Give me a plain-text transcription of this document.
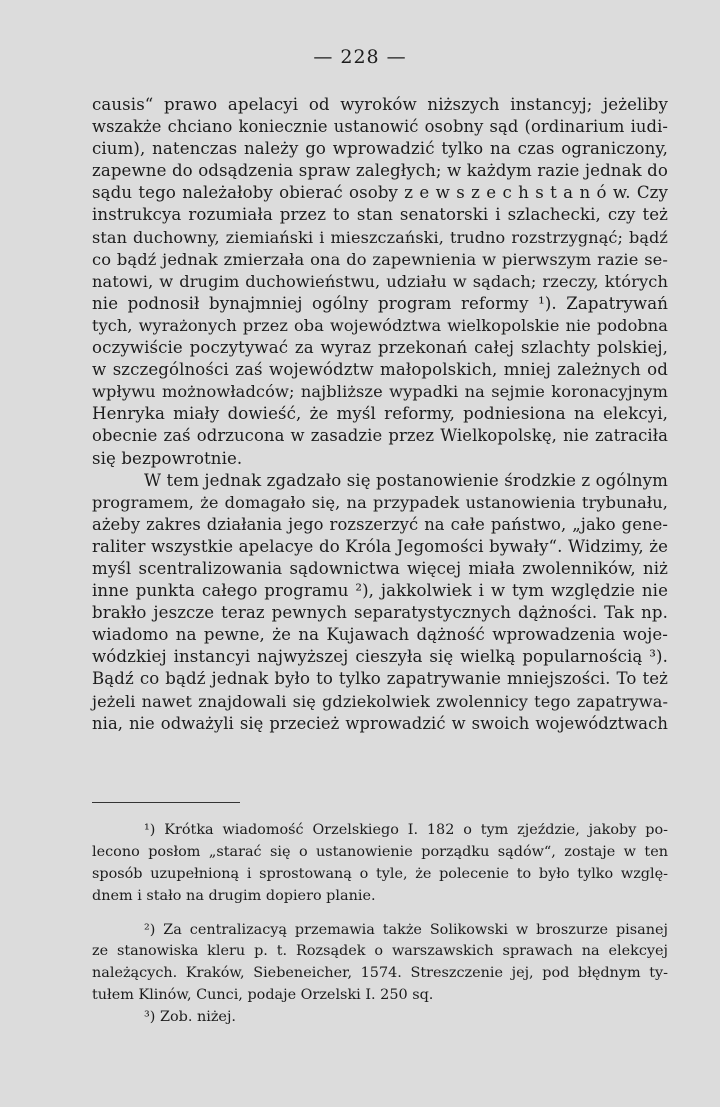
— 228 —
causis“ prawo apelacyi od wyroków niższych instancyj; jeżeliby
wszakże chciano koniecznie ustanowić osobny sąd (ordinarium iudi-
cium), natenczas należy go wprowadzić tylko na czas ograniczony,
zapewne do odsądzenia spraw zaległych; w każdym razie jednak do
sądu tego należałoby obierać osoby z e w s z e c h s t a n ó w. Czy
instrukcya rozumiała przez to stan senatorski i szlachecki, czy też
stan duchowny, ziemiański i mieszczański, trudno rozstrzygnąć; bądź
co bądź jednak zmierzała ona do zapewnienia w pierwszym razie se-
natowi, w drugim duchowieństwu, udziału w sądach; rzeczy, których
nie podnosił bynajmniej ogólny program reformy ¹). Zapatrywań
tych, wyrażonych przez oba województwa wielkopolskie nie podobna
oczywiście poczytywać za wyraz przekonań całej szlachty polskiej,
w szczególności zaś województw małopolskich, mniej zależnych od
wpływu możnowładców; najbliższe wypadki na sejmie koronacyjnym
Henryka miały dowieść, że myśl reformy, podniesiona na elekcyi,
obecnie zaś odrzucona w zasadzie przez Wielkopolskę, nie zatraciła
się bezpowrotnie.
W tem jednak zgadzało się postanowienie środzkie z ogólnym
programem, że domagało się, na przypadek ustanowienia trybunału,
ażeby zakres działania jego rozszerzyć na całe państwo, „jako gene-
raliter wszystkie apelacye do Króla Jegomości bywały“. Widzimy, że
myśl scentralizowania sądownictwa więcej miała zwolenników, niż
inne punkta całego programu ²), jakkolwiek i w tym względzie nie
brakło jeszcze teraz pewnych separatystycznych dążności. Tak np.
wiadomo na pewne, że na Kujawach dążność wprowadzenia woje-
wódzkiej instancyi najwyższej cieszyła się wielką popularnością ³).
Bądź co bądź jednak było to tylko zapatrywanie mniejszości. To też
jeżeli nawet znajdowali się gdziekolwiek zwolennicy tego zapatrywa-
nia, nie odważyli się przecież wprowadzić w swoich województwach
¹) Krótka wiadomość Orzelskiego I. 182 o tym zjeździe, jakoby po-
lecono posłom „starać się o ustanowienie porządku sądów“, zostaje w ten
sposób uzupełnioną i sprostowaną o tyle, że polecenie to było tylko wzglę-
dnem i stało na drugim dopiero planie.
²) Za centralizacyą przemawia także Solikowski w broszurze pisanej
ze stanowiska kleru p. t. Rozsądek o warszawskich sprawach na elekcyej
należących. Kraków, Siebeneicher, 1574. Streszczenie jej, pod błędnym ty-
tułem Klinów, Cunci, podaje Orzelski I. 250 sq.
³) Zob. niżej.
